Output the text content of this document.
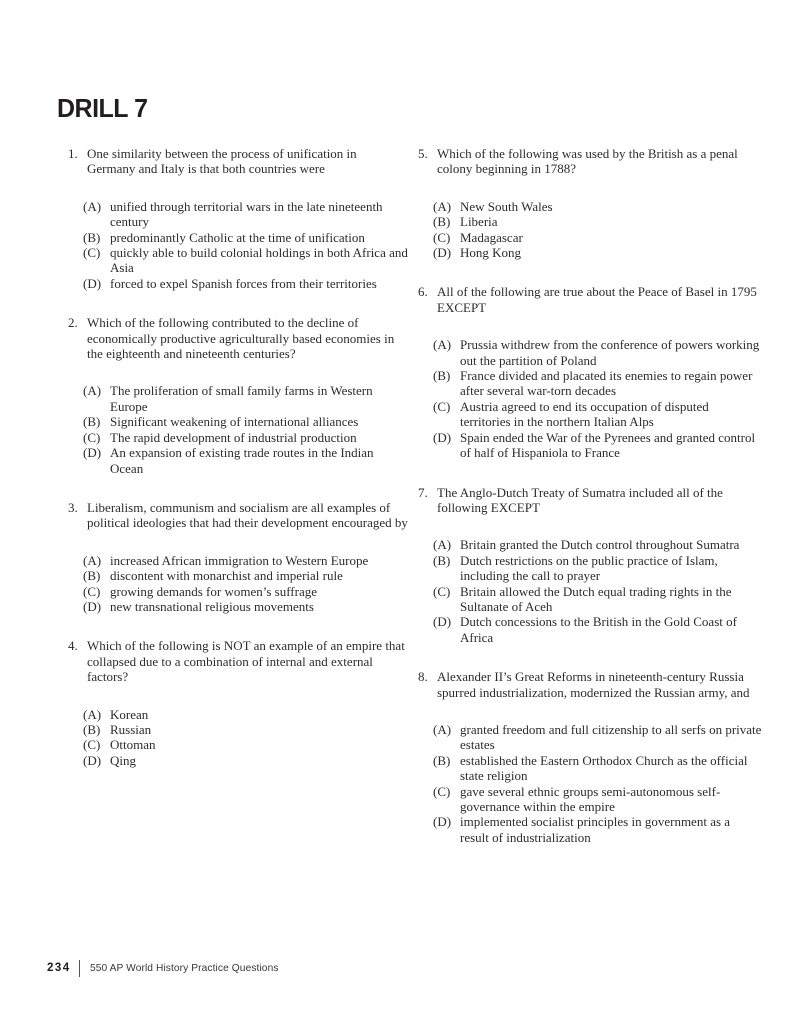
DRILL 7
1. One similarity between the process of unification in Germany and Italy is that both countries were
(A) unified through territorial wars in the late nineteenth century
(B) predominantly Catholic at the time of unification
(C) quickly able to build colonial holdings in both Africa and Asia
(D) forced to expel Spanish forces from their territories
2. Which of the following contributed to the decline of economically productive agriculturally based economies in the eighteenth and nineteenth centuries?
(A) The proliferation of small family farms in Western Europe
(B) Significant weakening of international alliances
(C) The rapid development of industrial production
(D) An expansion of existing trade routes in the Indian Ocean
3. Liberalism, communism and socialism are all examples of political ideologies that had their development encouraged by
(A) increased African immigration to Western Europe
(B) discontent with monarchist and imperial rule
(C) growing demands for women’s suffrage
(D) new transnational religious movements
4. Which of the following is NOT an example of an empire that collapsed due to a combination of internal and external factors?
(A) Korean
(B) Russian
(C) Ottoman
(D) Qing
5. Which of the following was used by the British as a penal colony beginning in 1788?
(A) New South Wales
(B) Liberia
(C) Madagascar
(D) Hong Kong
6. All of the following are true about the Peace of Basel in 1795 EXCEPT
(A) Prussia withdrew from the conference of powers working out the partition of Poland
(B) France divided and placated its enemies to regain power after several war-torn decades
(C) Austria agreed to end its occupation of disputed territories in the northern Italian Alps
(D) Spain ended the War of the Pyrenees and granted control of half of Hispaniola to France
7. The Anglo-Dutch Treaty of Sumatra included all of the following EXCEPT
(A) Britain granted the Dutch control throughout Sumatra
(B) Dutch restrictions on the public practice of Islam, including the call to prayer
(C) Britain allowed the Dutch equal trading rights in the Sultanate of Aceh
(D) Dutch concessions to the British in the Gold Coast of Africa
8. Alexander II’s Great Reforms in nineteenth-century Russia spurred industrialization, modernized the Russian army, and
(A) granted freedom and full citizenship to all serfs on private estates
(B) established the Eastern Orthodox Church as the official state religion
(C) gave several ethnic groups semi-autonomous self-governance within the empire
(D) implemented socialist principles in government as a result of industrialization
234 550 AP World History Practice Questions
